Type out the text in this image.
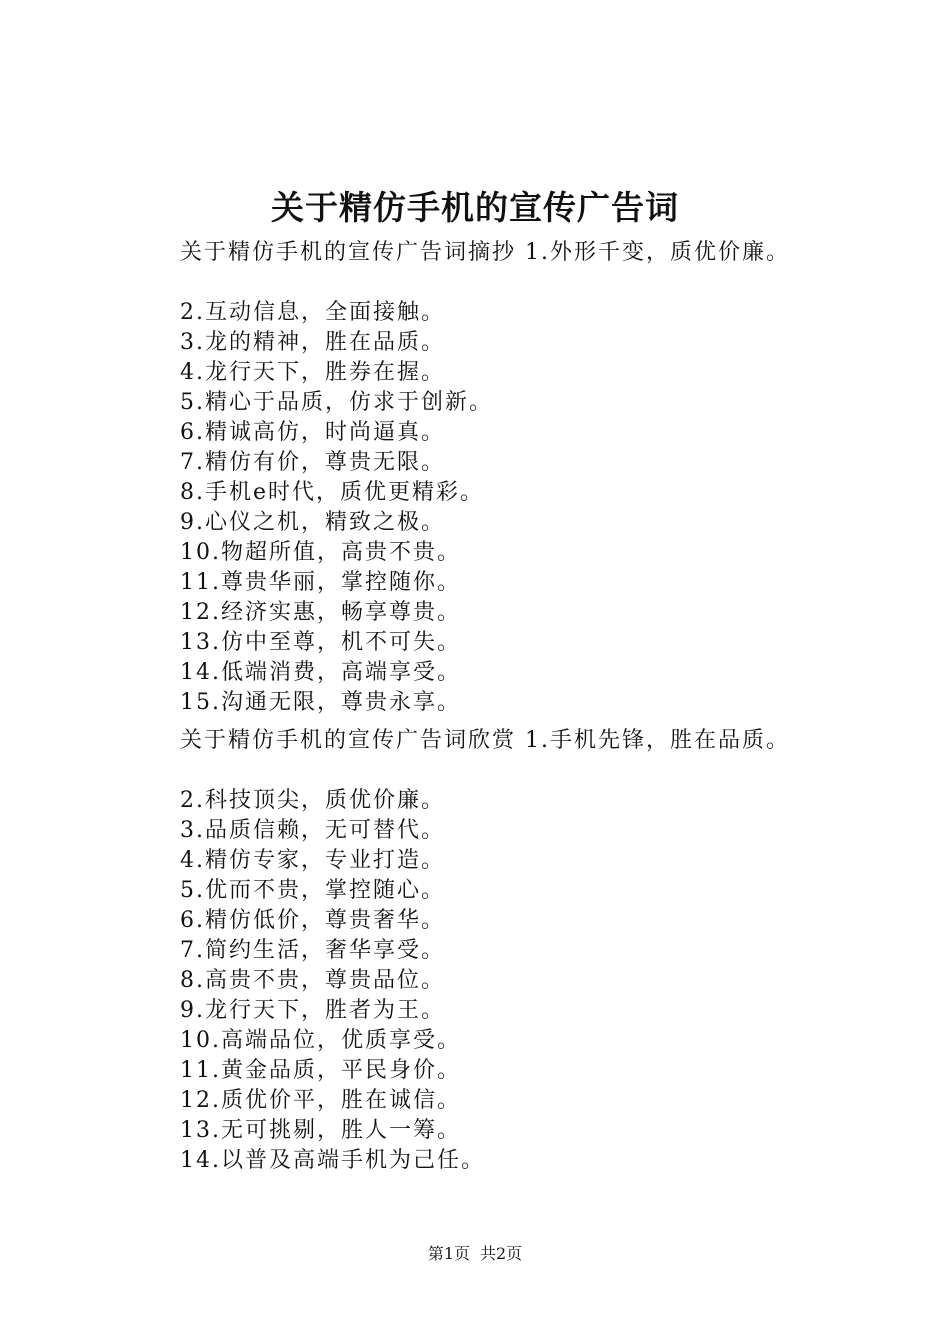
关于精仿手机的宣传广告词
关于精仿手机的宣传广告词摘抄 1.外形千变，质优价廉。
2.互动信息，全面接触。
3.龙的精神，胜在品质。
4.龙行天下，胜券在握。
5.精心于品质，仿求于创新。
6.精诚高仿，时尚逼真。
7.精仿有价，尊贵无限。
8.手机e时代，质优更精彩。
9.心仪之机，精致之极。
10.物超所值，高贵不贵。
11.尊贵华丽，掌控随你。
12.经济实惠，畅享尊贵。
13.仿中至尊，机不可失。
14.低端消费，高端享受。
15.沟通无限，尊贵永享。
关于精仿手机的宣传广告词欣赏 1.手机先锋，胜在品质。
2.科技顶尖，质优价廉。
3.品质信赖，无可替代。
4.精仿专家，专业打造。
5.优而不贵，掌控随心。
6.精仿低价，尊贵奢华。
7.简约生活，奢华享受。
8.高贵不贵，尊贵品位。
9.龙行天下，胜者为王。
10.高端品位，优质享受。
11.黄金品质，平民身价。
12.质优价平，胜在诚信。
13.无可挑剔，胜人一筹。
14.以普及高端手机为己任。
第1页 共2页
